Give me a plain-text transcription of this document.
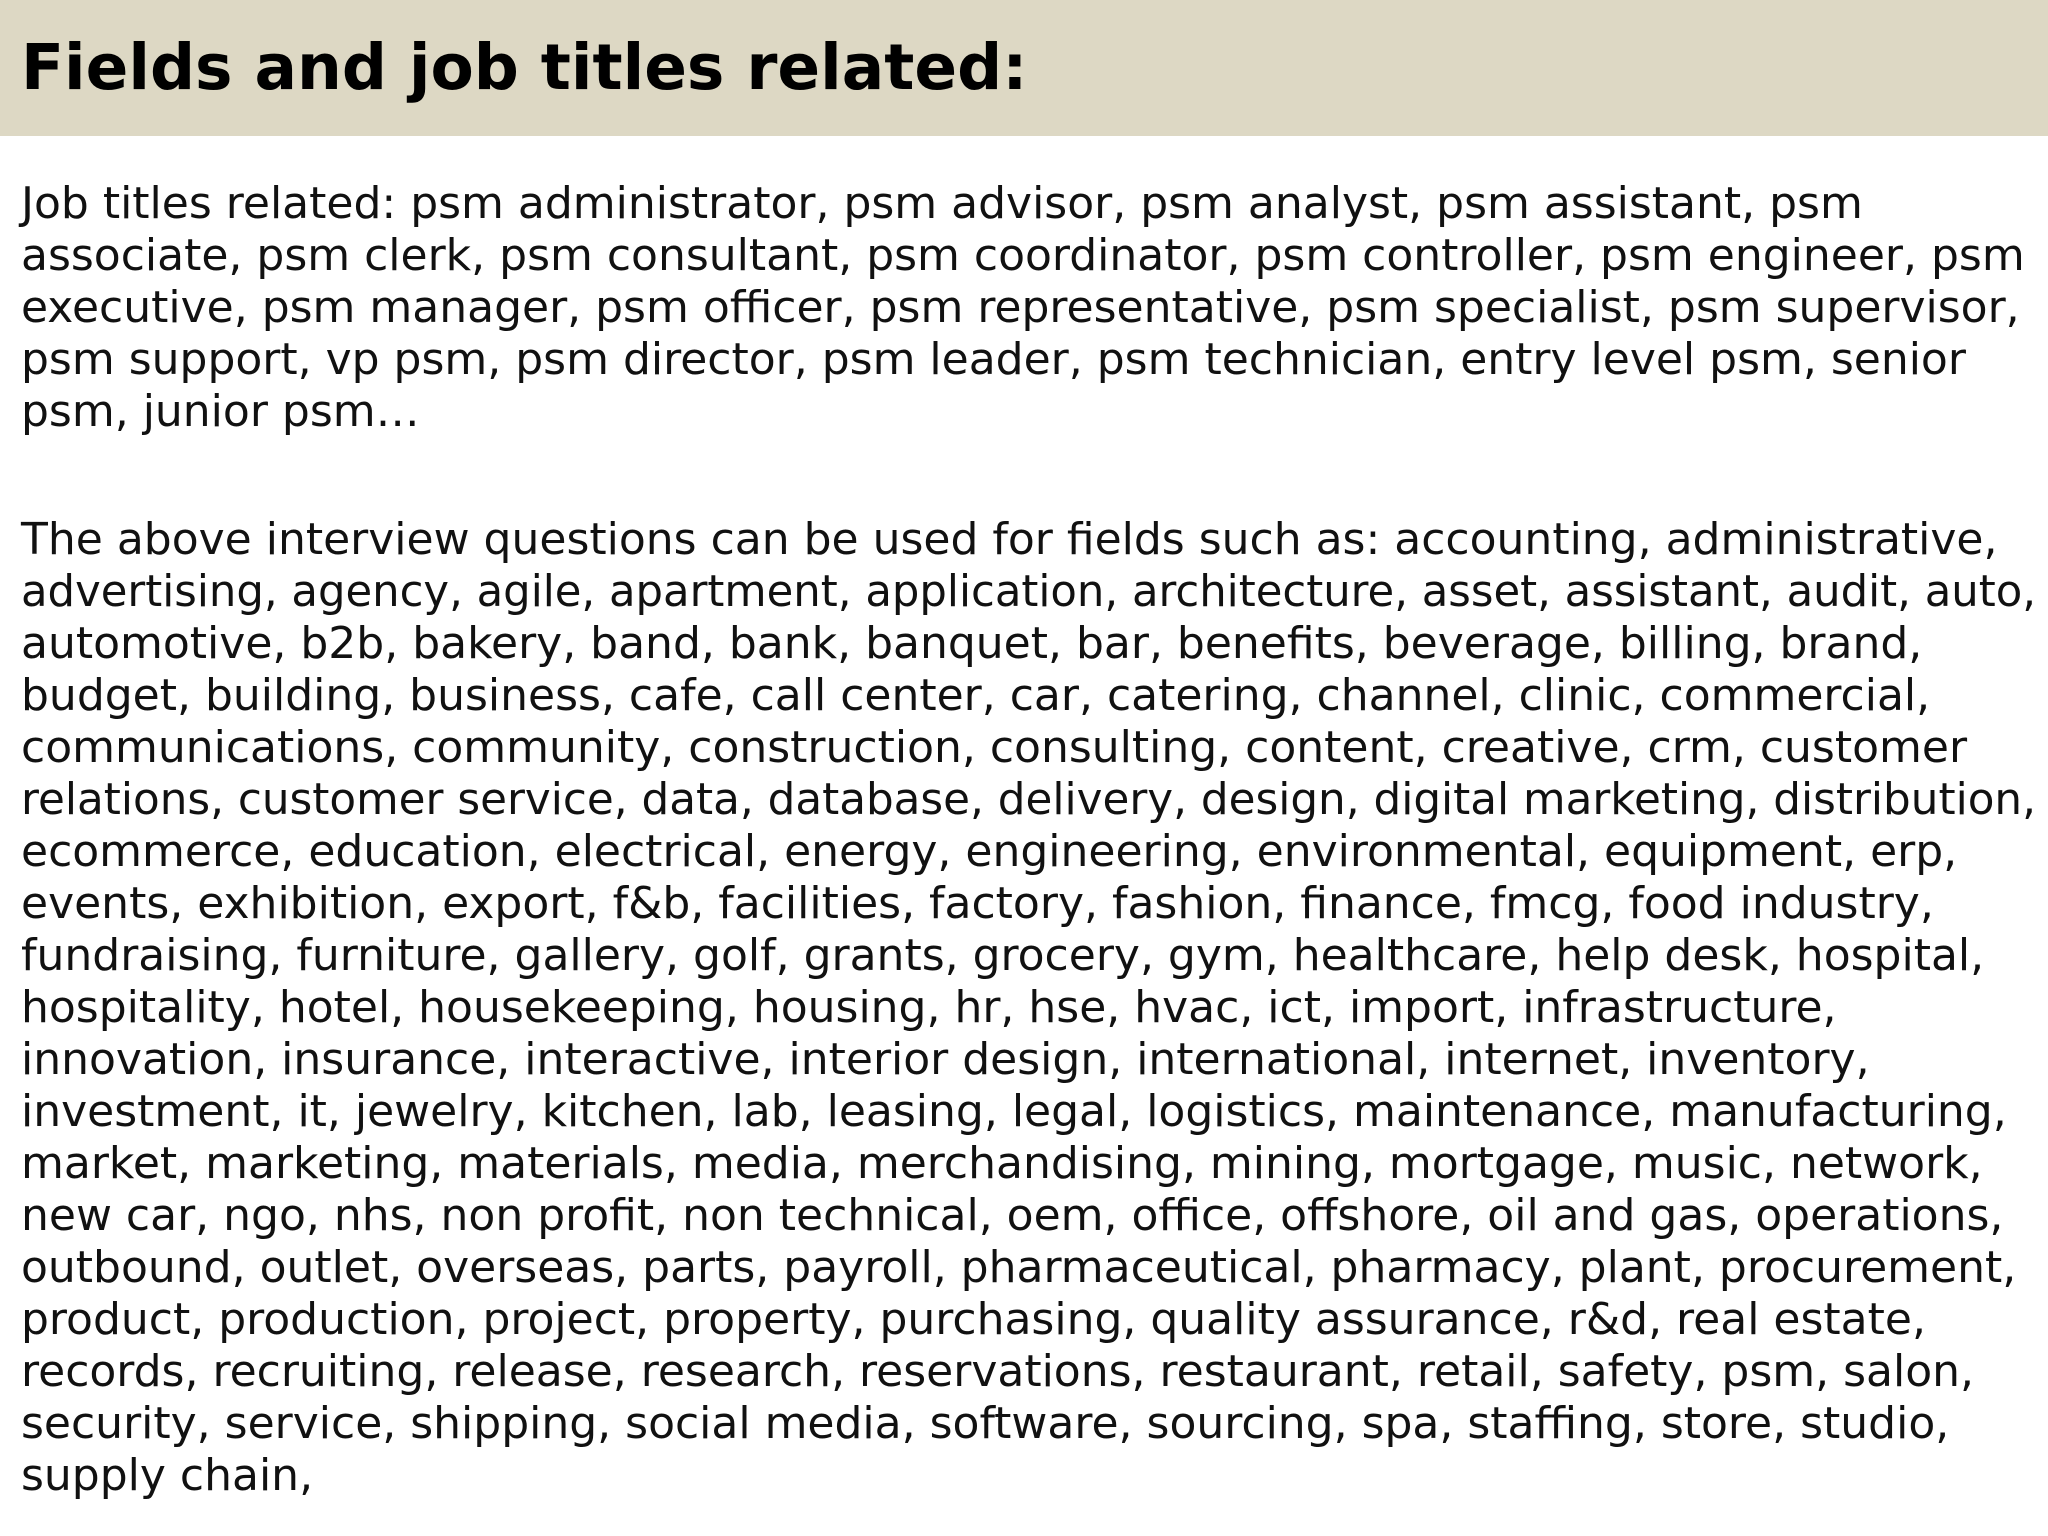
Fields and job titles related:
Job titles related: psm administrator, psm advisor, psm analyst, psm assistant, psm
associate, psm clerk, psm consultant, psm coordinator, psm controller, psm engineer, psm
executive, psm manager, psm officer, psm representative, psm specialist, psm supervisor,
psm support, vp psm, psm director, psm leader, psm technician, entry level psm, senior
psm, junior psm…
The above interview questions can be used for fields such as: accounting, administrative,
advertising, agency, agile, apartment, application, architecture, asset, assistant, audit, auto,
automotive, b2b, bakery, band, bank, banquet, bar, benefits, beverage, billing, brand,
budget, building, business, cafe, call center, car, catering, channel, clinic, commercial,
communications, community, construction, consulting, content, creative, crm, customer
relations, customer service, data, database, delivery, design, digital marketing, distribution,
ecommerce, education, electrical, energy, engineering, environmental, equipment, erp,
events, exhibition, export, f&b, facilities, factory, fashion, finance, fmcg, food industry,
fundraising, furniture, gallery, golf, grants, grocery, gym, healthcare, help desk, hospital,
hospitality, hotel, housekeeping, housing, hr, hse, hvac, ict, import, infrastructure,
innovation, insurance, interactive, interior design, international, internet, inventory,
investment, it, jewelry, kitchen, lab, leasing, legal, logistics, maintenance, manufacturing,
market, marketing, materials, media, merchandising, mining, mortgage, music, network,
new car, ngo, nhs, non profit, non technical, oem, office, offshore, oil and gas, operations,
outbound, outlet, overseas, parts, payroll, pharmaceutical, pharmacy, plant, procurement,
product, production, project, property, purchasing, quality assurance, r&d, real estate,
records, recruiting, release, research, reservations, restaurant, retail, safety, psm, salon,
security, service, shipping, social media, software, sourcing, spa, staffing, store, studio,
supply chain,
